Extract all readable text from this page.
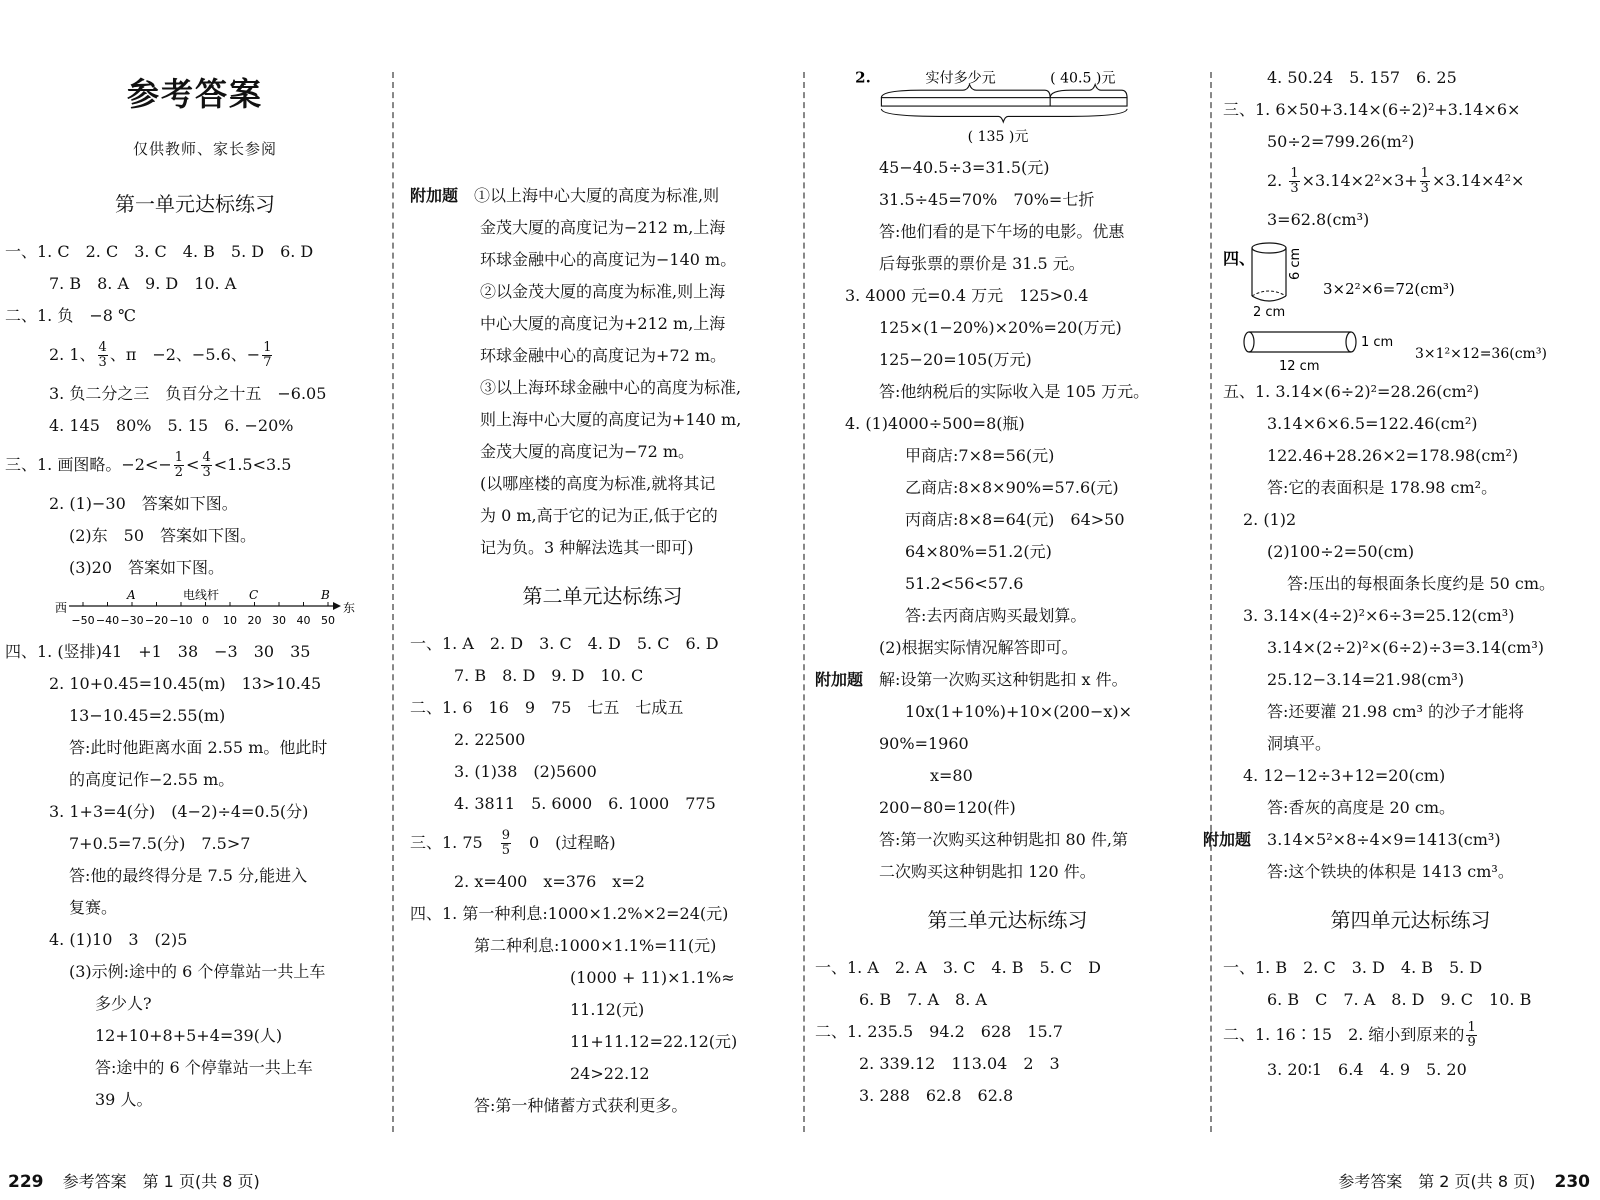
参考答案
仅供教师、家长参阅
第一单元达标练习
一、1. C　2. C　3. C　4. B　5. D　6. D
7. B　8. A　9. D　10. A
二、1. 负　−8 ℃
2. 1、 $\frac{4}{3}$ 、π　−2、−5.6、− $\frac{1}{7}$
3. 负二分之三　负百分之十五　−6.05
4. 145　80%　5. 15　6. −20%
三、1. 画图略。$-2<- \frac{1}{2} < \frac{4}{3} <1.5<3.5$
2. (1)−30　答案如下图。
(2)东　50　答案如下图。
(3)20　答案如下图。
西	东
A	电线杆 C	B
−50 −40 −30 −20 −10 0 10 20 30 40 50
四、1. (竖排)41　+1　38　−3　30　35
2. 10+0.45=10.45(m)　13>10.45
13−10.45=2.55(m)
答:此时他距离水面 2.55 m。他此时
的高度记作−2.55 m。
3. 1+3=4(分)　(4−2)÷4=0.5(分)
7+0.5=7.5(分)　7.5>7
答:他的最终得分是 7.5 分,能进入
复赛。
4. (1)10　3　(2)5
(3)示例:途中的 6 个停靠站一共上车
多少人?
12+10+8+5+4=39(人)
答:途中的 6 个停靠站一共上车
39 人。
附加题　 ①以上海中心大厦的高度为标准,则
金茂大厦的高度记为−212 m,上海
环球金融中心的高度记为−140 m。
②以金茂大厦的高度为标准,则上海
中心大厦的高度记为+212 m,上海
环球金融中心的高度记为+72 m。
③以上海环球金融中心的高度为标准,
则上海中心大厦的高度记为+140 m,
金茂大厦的高度记为−72 m。
(以哪座楼的高度为标准,就将其记
为 0 m,高于它的记为正,低于它的
记为负。3 种解法选其一即可)
第二单元达标练习
一、1. A　2. D　3. C　4. D　5. C　6. D
7. B　8. D　9. D　10. C
二、1. 6　16　9　75　七五　七成五
2. 22500
3. (1)38　(2)5600
4. 3811　5. 6000　6. 1000　775
三、1. 75　 $\frac{9}{5}$ 　0　(过程略)
2. x=400　x=376　x=2
四、1. 第一种利息:1000×1.2%×2=24(元)
第二种利息:1000×1.1%=11(元)
(1000 + 11)×1.1%≈
11.12(元)
11+11.12=22.12(元)
24>22.12
答:第一种储蓄方式获利更多。
2.	实付多少元	( 40.5 )元
( 135 )元
45−40.5÷3=31.5(元)
31.5÷45=70%　70%=七折
答:他们看的是下午场的电影。优惠
后每张票的票价是 31.5 元。
3. 4000 元=0.4 万元　125>0.4
125×(1−20%)×20%=20(万元)
125−20=105(万元)
答:他纳税后的实际收入是 105 万元。
4. (1)4000÷500=8(瓶)
甲商店:7×8=56(元)
乙商店:8×8×90%=57.6(元)
丙商店:8×8=64(元)　64>50
64×80%=51.2(元)
51.2<56<57.6
答:去丙商店购买最划算。
(2)根据实际情况解答即可。
附加题　 解:设第一次购买这种钥匙扣 x 件。
10x(1+10%)+10×(200−x)×
90%=1960
x=80
200−80=120(件)
答:第一次购买这种钥匙扣 80 件,第
二次购买这种钥匙扣 120 件。
第三单元达标练习
一、1. A　2. A　3. C　4. B　5. C　D
6. B　7. A　8. A
二、1. 235.5　94.2　628　15.7
2. 339.12　113.04　2　3
3. 288　62.8　62.8
4. 50.24　5. 157　6. 25
三、1. 6×50+3.14×(6÷2)²+3.14×6×
50÷2=799.26(m²)
2. $\frac{1}{3} \times 3.14\times 2^2\times 3+ \frac{1}{3} \times 3.14\times 4^2\times$
3=62.8(cm³)
四、	6 cm
2 cm
3×2²×6=72(cm³)
1 cm
12 cm
3×1²×12=36(cm³)
五、1. 3.14×(6÷2)²=28.26(cm²)
3.14×6×6.5=122.46(cm²)
122.46+28.26×2=178.98(cm²)
答:它的表面积是 178.98 cm²。
2. (1)2
(2)100÷2=50(cm)
答:压出的每根面条长度约是 50 cm。
3. 3.14×(4÷2)²×6÷3=25.12(cm³)
3.14×(2÷2)²×(6÷2)÷3=3.14(cm³)
25.12−3.14=21.98(cm³)
答:还要灌 21.98 cm³ 的沙子才能将
洞填平。
4. 12−12÷3+12=20(cm)
答:香灰的高度是 20 cm。
附加题　 3.14×5²×8÷4×9=1413(cm³)
答:这个铁块的体积是 1413 cm³。
第四单元达标练习
一、1. B　2. C　3. D　4. B　5. D
6. B　C　7. A　8. D　9. C　10. B
二、1. 16∶15　2. 缩小到原来的 $\frac{1}{9}$
3. 20∶1　6.4　4. 9　5. 20
229 参考答案　第 1 页(共 8 页)	参考答案　第 2 页(共 8 页) 230
